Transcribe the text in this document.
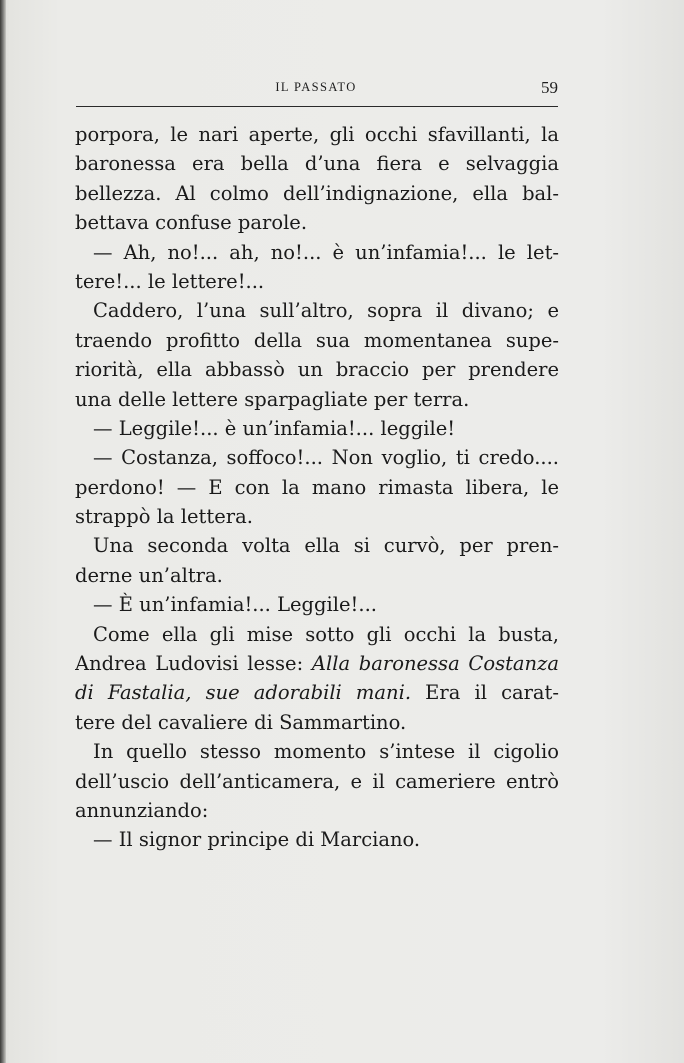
IL PASSATO	59
porpora, le nari aperte, gli occhi sfavillanti, la
baronessa era bella d’una fiera e selvaggia
bellezza. Al colmo dell’indignazione, ella bal-
bettava confuse parole.
— Ah, no!... ah, no!... è un’infamia!... le let-
tere!... le lettere!...
Caddero, l’una sull’altro, sopra il divano; e
traendo profitto della sua momentanea supe-
riorità, ella abbassò un braccio per prendere
una delle lettere sparpagliate per terra.
— Leggile!... è un’infamia!... leggile!
— Costanza, soffoco!... Non voglio, ti credo....
perdono! — E con la mano rimasta libera, le
strappò la lettera.
Una seconda volta ella si curvò, per pren-
derne un’altra.
— È un’infamia!... Leggile!...
Come ella gli mise sotto gli occhi la busta,
Andrea Ludovisi lesse: Alla baronessa Costanza
di Fastalia, sue adorabili mani. Era il carat-
tere del cavaliere di Sammartino.
In quello stesso momento s’intese il cigolio
dell’uscio dell’anticamera, e il cameriere entrò
annunziando:
— Il signor principe di Marciano.
